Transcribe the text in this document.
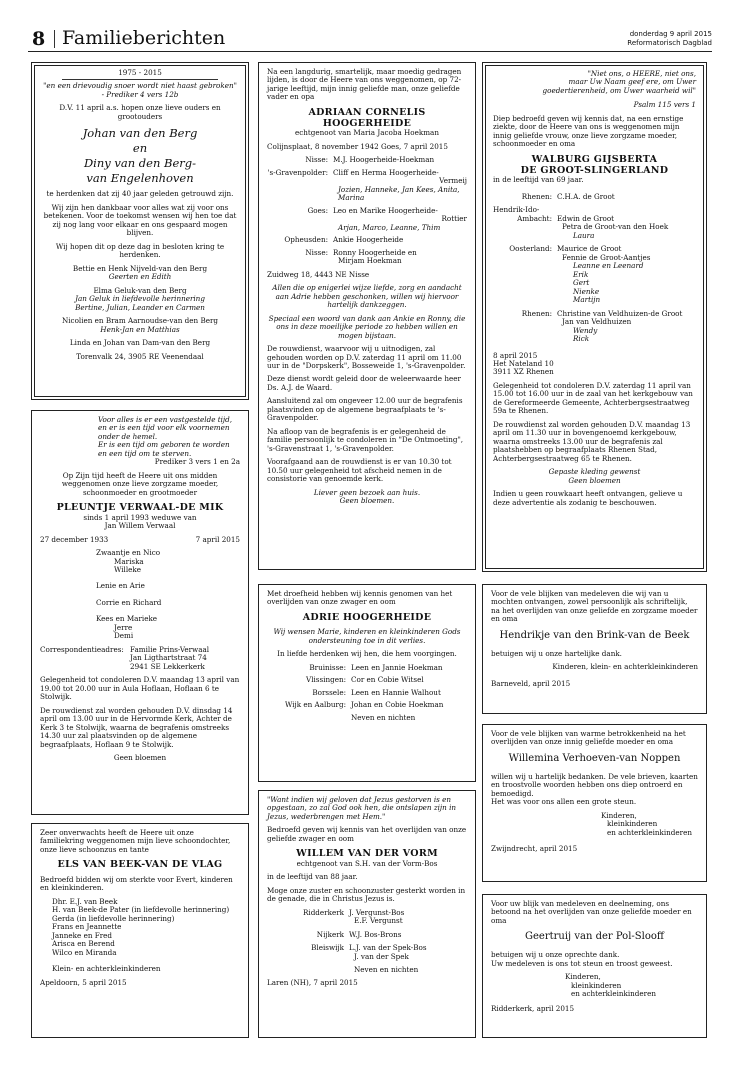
8 Familieberichten	donderdag 9 april 2015
Reformatorisch Dagblad
1975 - 2015
"en een drievoudig snoer wordt niet haast gebroken" - Prediker 4 vers 12b
D.V. 11 april a.s. hopen onze lieve ouders en grootouders
Johan van den Berg
en
Diny van den Berg-
van Engelenhoven
te herdenken dat zij 40 jaar geleden getrouwd zijn.
Wij zijn hen dankbaar voor alles wat zij voor ons betekenen. Voor de toekomst wensen wij hen toe dat zij nog lang voor elkaar en ons gespaard mogen blijven.
Wij hopen dit op deze dag in besloten kring te herdenken.
Bettie en Henk Nijveld-van den Berg
Geerten en Edith
Elma Geluk-van den Berg
Jan Geluk in liefdevolle herinnering
Bertine, Julian, Leander en Carmen
Nicolien en Bram Aarnoudse-van den Berg
Henk-Jan en Matthias
Linda en Johan van Dam-van den Berg
Torenvalk 24, 3905 RE Veenendaal
Voor alles is er een vastgestelde tijd,
en er is een tijd voor elk voornemen
onder de hemel.
Er is een tijd om geboren te worden
en een tijd om te sterven.
Prediker 3 vers 1 en 2a
Op Zijn tijd heeft de Heere uit ons midden weggenomen onze lieve zorgzame moeder, schoonmoeder en grootmoeder
PLEUNTJE VERWAAL-DE MIK
sinds 1 april 1993 weduwe van
Jan Willem Verwaal
27 december 1933	7 april 2015
Zwaantje en Nico
Mariska
Willeke
Lenie en Arie
Corrie en Richard
Kees en Marieke
Jerre
Demi
Correspondentieadres: Familie Prins-Verwaal
Jan Ligthartstraat 74
2941 SE Lekkerkerk
Gelegenheid tot condoleren D.V. maandag 13 april van 19.00 tot 20.00 uur in Aula Hoflaan, Hoflaan 6 te Stolwijk.
De rouwdienst zal worden gehouden D.V. dinsdag 14 april om 13.00 uur in de Hervormde Kerk, Achter de Kerk 3 te Stolwijk, waarna de begrafenis omstreeks 14.30 uur zal plaatsvinden op de algemene begraafplaats, Hoflaan 9 te Stolwijk.
Geen bloemen
Zeer onverwachts heeft de Heere uit onze familiekring weggenomen mijn lieve schoondochter, onze lieve schoonzus en tante
ELS VAN BEEK-VAN DE VLAG
Bedroefd bidden wij om sterkte voor Evert, kinderen en kleinkinderen.
Dhr. E.J. van Beek
H. van Beek-de Pater (in liefdevolle herinnering)
Gerda (in liefdevolle herinnering)
Frans en Jeannette
Janneke en Fred
Arisca en Berend
Wilco en Miranda
Klein- en achterkleinkinderen
Apeldoorn, 5 april 2015
Na een langdurig, smartelijk, maar moedig gedragen lijden, is door de Heere van ons weggenomen, op 72-jarige leeftijd, mijn innig geliefde man, onze geliefde vader en opa
ADRIAAN CORNELIS
HOOGERHEIDE
echtgenoot van Maria Jacoba Hoekman
Colijnsplaat, 8 november 1942 Goes, 7 april 2015
Nisse: M.J. Hoogerheide-Hoekman
's-Gravenpolder: Cliff en Herma Hoogerheide-
Vermeij
Jozien, Hanneke, Jan Kees, Anita, Marina
Goes: Leo en Marike Hoogerheide-
Rottier
Arjan, Marco, Leanne, Thim
Opheusden: Ankie Hoogerheide
Nisse: Ronny Hoogerheide en
Mirjam Hoekman
Zuidweg 18, 4443 NE Nisse
Allen die op enigerlei wijze liefde, zorg en aandacht aan Adrie hebben geschonken, willen wij hiervoor hartelijk dankzeggen.
Speciaal een woord van dank aan Ankie en Ronny, die ons in deze moeilijke periode zo hebben willen en mogen bijstaan.
De rouwdienst, waarvoor wij u uitnodigen, zal gehouden worden op D.V. zaterdag 11 april om 11.00 uur in de "Dorpskerk", Bosseweide 1, 's-Gravenpolder.
Deze dienst wordt geleid door de weleerwaarde heer Ds. A.J. de Waard.
Aansluitend zal om ongeveer 12.00 uur de begrafenis plaatsvinden op de algemene begraafplaats te 's-Gravenpolder.
Na afloop van de begrafenis is er gelegenheid de familie persoonlijk te condoleren in "De Ontmoeting", 's-Gravenstraat 1, 's-Gravenpolder.
Voorafgaand aan de rouwdienst is er van 10.30 tot 10.50 uur gelegenheid tot afscheid nemen in de consistorie van genoemde kerk.
Liever geen bezoek aan huis.
Geen bloemen.
Met droefheid hebben wij kennis genomen van het overlijden van onze zwager en oom
ADRIE HOOGERHEIDE
Wij wensen Marie, kinderen en kleinkinderen Gods ondersteuning toe in dit verlies.
In liefde herdenken wij hen, die hem voorgingen.
Bruinisse: Leen en Jannie Hoekman
Vlissingen: Cor en Cobie Witsel
Borssele: Leen en Hannie Walhout
Wijk en Aalburg: Johan en Cobie Hoekman
Neven en nichten
"Want indien wij geloven dat Jezus gestorven is en opgestaan, zo zal God ook hen, die ontslapen zijn in Jezus, wederbrengen met Hem."
Bedroefd geven wij kennis van het overlijden van onze geliefde zwager en oom
WILLEM VAN DER VORM
echtgenoot van S.H. van der Vorm-Bos
in de leeftijd van 88 jaar.
Moge onze zuster en schoonzuster gesterkt worden in de genade, die in Christus Jezus is.
Ridderkerk J. Vergunst-Bos
E.F. Vergunst
Nijkerk W.J. Bos-Brons
Bleiswijk L.J. van der Spek-Bos
J. van der Spek
Neven en nichten
Laren (NH), 7 april 2015
"Niet ons, o HEERE, niet ons,
maar Uw Naam geef ere, om Uwer
goedertierenheid, om Uwer waarheid wil"
Psalm 115 vers 1
Diep bedroefd geven wij kennis dat, na een ernstige ziekte, door de Heere van ons is weggenomen mijn innig geliefde vrouw, onze lieve zorgzame moeder, schoonmoeder en oma
WALBURG GIJSBERTA
DE GROOT-SLINGERLAND
in de leeftijd van 69 jaar.
Rhenen: C.H.A. de Groot
Hendrik-Ido-
Ambacht: Edwin de Groot
Petra de Groot-van den Hoek
Laura
Oosterland: Maurice de Groot
Fennie de Groot-Aantjes
Leanne en Leenard
Erik
Gert
Nienke
Martijn
Rhenen: Christine van Veldhuizen-de Groot
Jan van Veldhuizen
Wendy
Rick
8 april 2015
Het Nateland 10
3911 XZ Rhenen
Gelegenheid tot condoleren D.V. zaterdag 11 april van 15.00 tot 16.00 uur in de zaal van het kerkgebouw van de Gereformeerde Gemeente, Achterbergsestraatweg 59a te Rhenen.
De rouwdienst zal worden gehouden D.V. maandag 13 april om 11.30 uur in bovengenoemd kerkgebouw, waarna omstreeks 13.00 uur de begrafenis zal plaatshebben op begraafplaats Rhenen Stad, Achterbergsestraatweg 65 te Rhenen.
Gepaste kleding gewenst
Geen bloemen
Indien u geen rouwkaart heeft ontvangen, gelieve u deze advertentie als zodanig te beschouwen.
Voor de vele blijken van medeleven die wij van u mochten ontvangen, zowel persoonlijk als schriftelijk, na het overlijden van onze geliefde en zorgzame moeder en oma
Hendrikje van den Brink-van de Beek
betuigen wij u onze hartelijke dank.
Kinderen, klein- en achterkleinkinderen
Barneveld, april 2015
Voor de vele blijken van warme betrokkenheid na het overlijden van onze innig geliefde moeder en oma
Willemina Verhoeven-van Noppen
willen wij u hartelijk bedanken. De vele brieven, kaarten en troostvolle woorden hebben ons diep ontroerd en bemoedigd.
Het was voor ons allen een grote steun.
Kinderen,
kleinkinderen
en achterkleinkinderen
Zwijndrecht, april 2015
Voor uw blijk van medeleven en deelneming, ons betoond na het overlijden van onze geliefde moeder en oma
Geertruij van der Pol-Slooff
betuigen wij u onze oprechte dank.
Uw medeleven is ons tot steun en troost geweest.
Kinderen,
kleinkinderen
en achterkleinkinderen
Ridderkerk, april 2015
